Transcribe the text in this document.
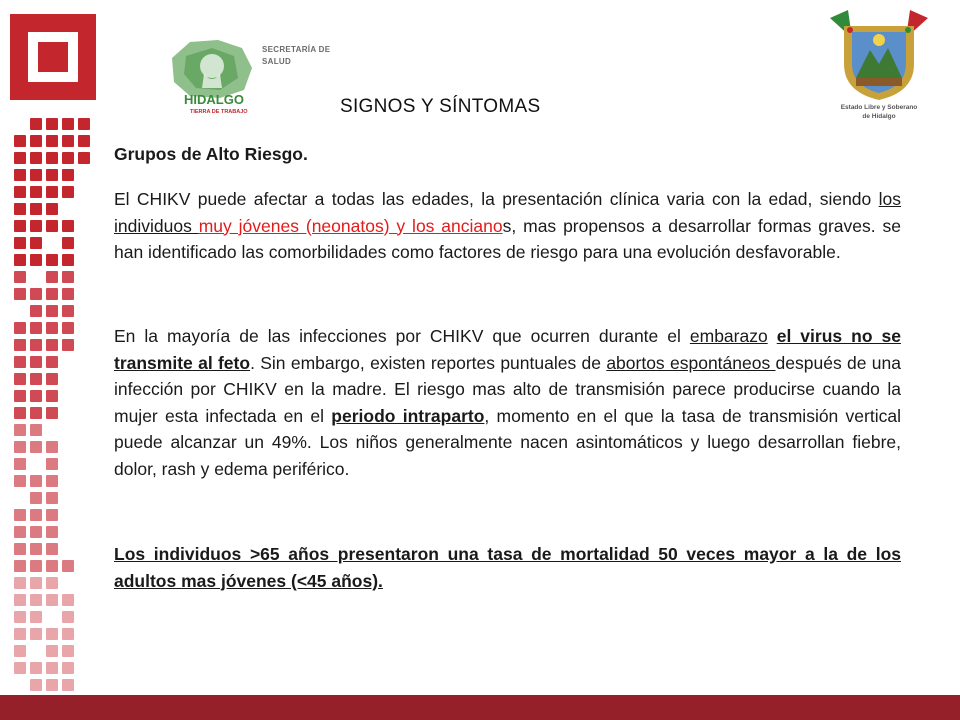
HIDALGO
TIERRA DE TRABAJO
SECRETARÍA DE
SALUD
Estado Libre y Soberano
de Hidalgo
SIGNOS Y SÍNTOMAS
Grupos de Alto Riesgo.

El CHIKV puede afectar a todas las edades, la presentación clínica varia con la edad, siendo los individuos muy jóvenes (neonatos) y los ancianos, mas propensos a desarrollar formas graves. se han identificado las comorbilidades como factores de riesgo para una evolución desfavorable.

En la mayoría de las infecciones por CHIKV que ocurren durante el embarazo el virus no se transmite al feto. Sin embargo, existen reportes puntuales de abortos espontáneos después de una infección por CHIKV en la madre. El riesgo mas alto de transmisión parece producirse cuando la mujer esta infectada en el periodo intraparto, momento en el que la tasa de transmisión vertical puede alcanzar un 49%. Los niños generalmente nacen asintomáticos y luego desarrollan fiebre, dolor, rash y edema periférico.

Los individuos >65 años presentaron una tasa de mortalidad 50 veces mayor a la de los adultos mas jóvenes (<45 años).
